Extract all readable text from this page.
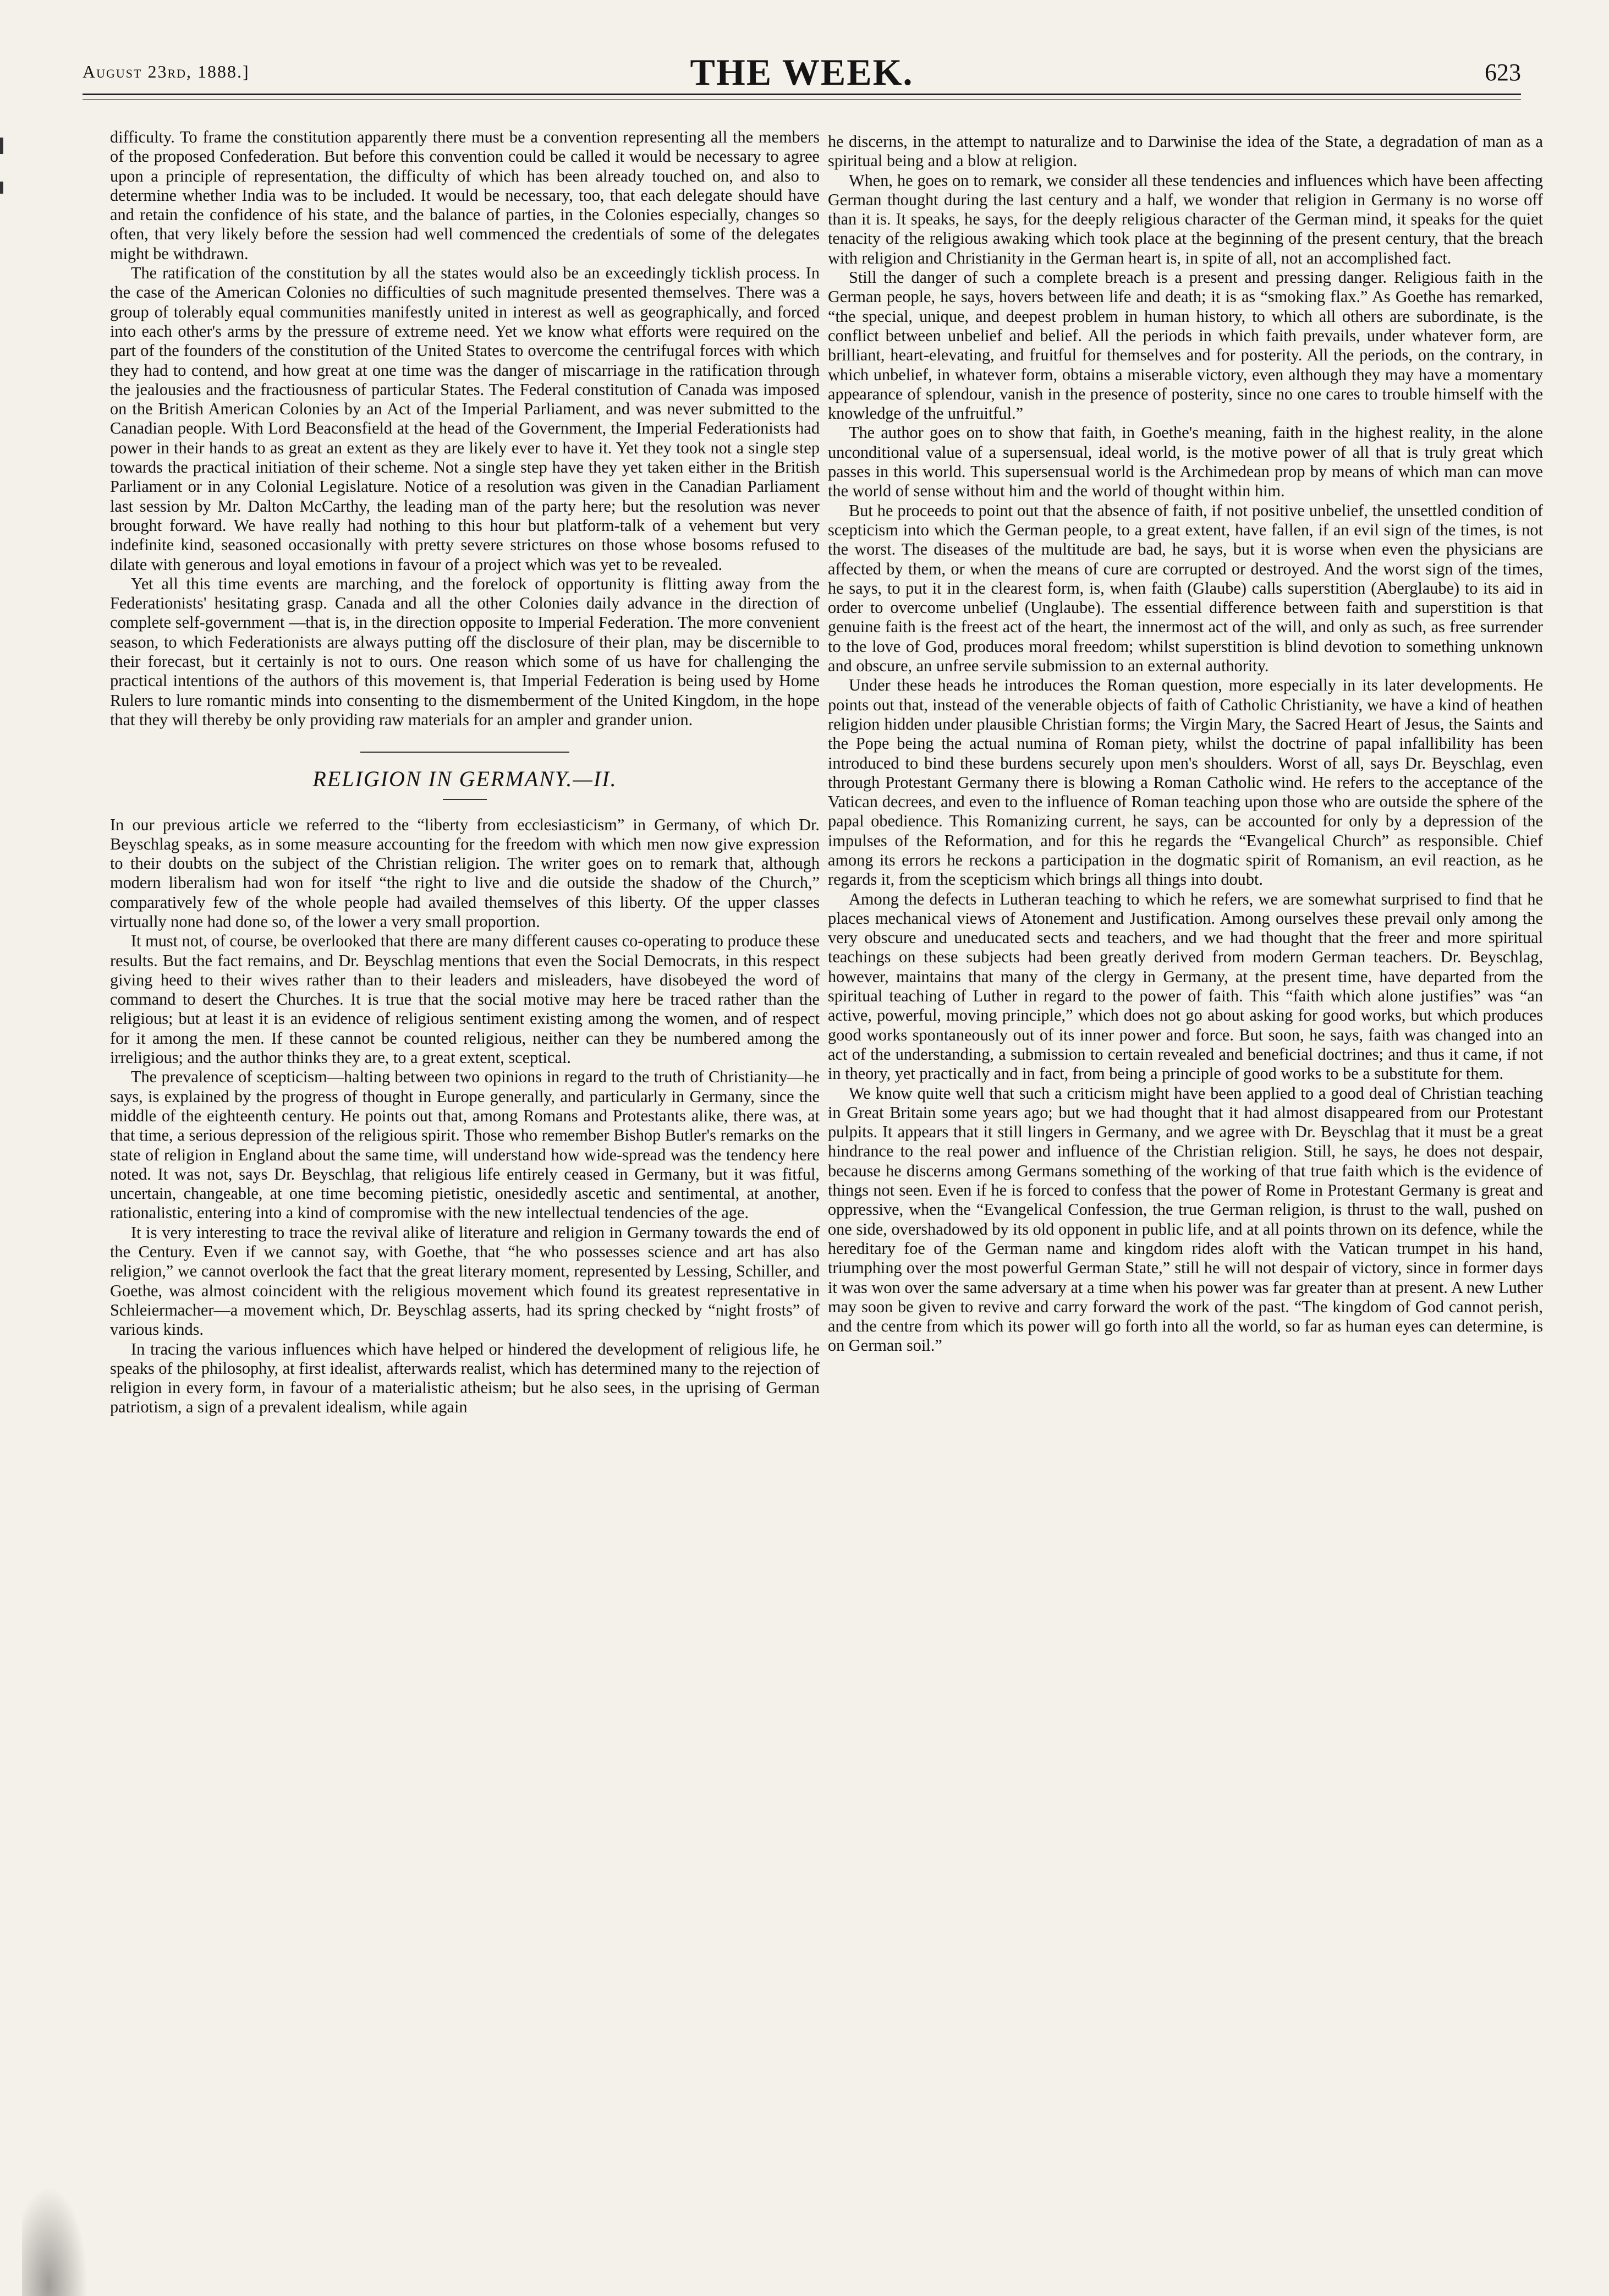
August 23rd, 1888.]	THE WEEK.	623

difficulty. To frame the constitution apparently there must be a convention representing all the members of the proposed Confederation. But before this convention could be called it would be necessary to agree upon a principle of representation, the difficulty of which has been already touched on, and also to determine whether India was to be included. It would be necessary, too, that each delegate should have and retain the confidence of his state, and the balance of parties, in the Colonies especially, changes so often, that very likely before the session had well commenced the credentials of some of the delegates might be withdrawn.

The ratification of the constitution by all the states would also be an exceedingly ticklish process. In the case of the American Colonies no difficulties of such magnitude presented themselves. There was a group of tolerably equal communities manifestly united in interest as well as geographically, and forced into each other's arms by the pressure of extreme need. Yet we know what efforts were required on the part of the founders of the constitution of the United States to overcome the centrifugal forces with which they had to contend, and how great at one time was the danger of miscarriage in the ratification through the jealousies and the fractiousness of particular States. The Federal constitution of Canada was imposed on the British American Colonies by an Act of the Imperial Parliament, and was never submitted to the Canadian people. With Lord Beaconsfield at the head of the Government, the Imperial Federationists had power in their hands to as great an extent as they are likely ever to have it. Yet they took not a single step towards the practical initiation of their scheme. Not a single step have they yet taken either in the British Parliament or in any Colonial Legislature. Notice of a resolution was given in the Canadian Parliament last session by Mr. Dalton McCarthy, the leading man of the party here; but the resolution was never brought forward. We have really had nothing to this hour but platform-talk of a vehement but very indefinite kind, seasoned occasionally with pretty severe strictures on those whose bosoms refused to dilate with generous and loyal emotions in favour of a project which was yet to be revealed.

Yet all this time events are marching, and the forelock of opportunity is flitting away from the Federationists' hesitating grasp. Canada and all the other Colonies daily advance in the direction of complete self-government —that is, in the direction opposite to Imperial Federation. The more convenient season, to which Federationists are always putting off the disclosure of their plan, may be discernible to their forecast, but it certainly is not to ours. One reason which some of us have for challenging the practical intentions of the authors of this movement is, that Imperial Federation is being used by Home Rulers to lure romantic minds into consenting to the dismemberment of the United Kingdom, in the hope that they will thereby be only providing raw materials for an ampler and grander union.

RELIGION IN GERMANY.—II.

In our previous article we referred to the “liberty from ecclesiasticism” in Germany, of which Dr. Beyschlag speaks, as in some measure accounting for the freedom with which men now give expression to their doubts on the subject of the Christian religion. The writer goes on to remark that, although modern liberalism had won for itself “the right to live and die outside the shadow of the Church,” comparatively few of the whole people had availed themselves of this liberty. Of the upper classes virtually none had done so, of the lower a very small proportion.

It must not, of course, be overlooked that there are many different causes co-operating to produce these results. But the fact remains, and Dr. Beyschlag mentions that even the Social Democrats, in this respect giving heed to their wives rather than to their leaders and misleaders, have disobeyed the word of command to desert the Churches. It is true that the social motive may here be traced rather than the religious; but at least it is an evidence of religious sentiment existing among the women, and of respect for it among the men. If these cannot be counted religious, neither can they be numbered among the irreligious; and the author thinks they are, to a great extent, sceptical.

The prevalence of scepticism—halting between two opinions in regard to the truth of Christianity—he says, is explained by the progress of thought in Europe generally, and particularly in Germany, since the middle of the eighteenth century. He points out that, among Romans and Protestants alike, there was, at that time, a serious depression of the religious spirit. Those who remember Bishop Butler's remarks on the state of religion in England about the same time, will understand how wide-spread was the tendency here noted. It was not, says Dr. Beyschlag, that religious life entirely ceased in Germany, but it was fitful, uncertain, changeable, at one time becoming pietistic, onesidedly ascetic and sentimental, at another, rationalistic, entering into a kind of compromise with the new intellectual tendencies of the age.

It is very interesting to trace the revival alike of literature and religion in Germany towards the end of the Century. Even if we cannot say, with Goethe, that “he who possesses science and art has also religion,” we cannot overlook the fact that the great literary moment, represented by Lessing, Schiller, and Goethe, was almost coincident with the religious movement which found its greatest representative in Schleiermacher—a movement which, Dr. Beyschlag asserts, had its spring checked by “night frosts” of various kinds.

In tracing the various influences which have helped or hindered the development of religious life, he speaks of the philosophy, at first idealist, afterwards realist, which has determined many to the rejection of religion in every form, in favour of a materialistic atheism; but he also sees, in the uprising of German patriotism, a sign of a prevalent idealism, while again

he discerns, in the attempt to naturalize and to Darwinise the idea of the State, a degradation of man as a spiritual being and a blow at religion.

When, he goes on to remark, we consider all these tendencies and influences which have been affecting German thought during the last century and a half, we wonder that religion in Germany is no worse off than it is. It speaks, he says, for the deeply religious character of the German mind, it speaks for the quiet tenacity of the religious awaking which took place at the beginning of the present century, that the breach with religion and Christianity in the German heart is, in spite of all, not an accomplished fact.

Still the danger of such a complete breach is a present and pressing danger. Religious faith in the German people, he says, hovers between life and death; it is as “smoking flax.” As Goethe has remarked, “the special, unique, and deepest problem in human history, to which all others are subordinate, is the conflict between unbelief and belief. All the periods in which faith prevails, under whatever form, are brilliant, heart-elevating, and fruitful for themselves and for posterity. All the periods, on the contrary, in which unbelief, in whatever form, obtains a miserable victory, even although they may have a momentary appearance of splendour, vanish in the presence of posterity, since no one cares to trouble himself with the knowledge of the unfruitful.”

The author goes on to show that faith, in Goethe's meaning, faith in the highest reality, in the alone unconditional value of a supersensual, ideal world, is the motive power of all that is truly great which passes in this world. This supersensual world is the Archimedean prop by means of which man can move the world of sense without him and the world of thought within him.

But he proceeds to point out that the absence of faith, if not positive unbelief, the unsettled condition of scepticism into which the German people, to a great extent, have fallen, if an evil sign of the times, is not the worst. The diseases of the multitude are bad, he says, but it is worse when even the physicians are affected by them, or when the means of cure are corrupted or destroyed. And the worst sign of the times, he says, to put it in the clearest form, is, when faith (Glaube) calls superstition (Aberglaube) to its aid in order to overcome unbelief (Unglaube). The essential difference between faith and superstition is that genuine faith is the freest act of the heart, the innermost act of the will, and only as such, as free surrender to the love of God, produces moral freedom; whilst superstition is blind devotion to something unknown and obscure, an unfree servile submission to an external authority.

Under these heads he introduces the Roman question, more especially in its later developments. He points out that, instead of the venerable objects of faith of Catholic Christianity, we have a kind of heathen religion hidden under plausible Christian forms; the Virgin Mary, the Sacred Heart of Jesus, the Saints and the Pope being the actual numina of Roman piety, whilst the doctrine of papal infallibility has been introduced to bind these burdens securely upon men's shoulders. Worst of all, says Dr. Beyschlag, even through Protestant Germany there is blowing a Roman Catholic wind. He refers to the acceptance of the Vatican decrees, and even to the influence of Roman teaching upon those who are outside the sphere of the papal obedience. This Romanizing current, he says, can be accounted for only by a depression of the impulses of the Reformation, and for this he regards the “Evangelical Church” as responsible. Chief among its errors he reckons a participation in the dogmatic spirit of Romanism, an evil reaction, as he regards it, from the scepticism which brings all things into doubt.

Among the defects in Lutheran teaching to which he refers, we are somewhat surprised to find that he places mechanical views of Atonement and Justification. Among ourselves these prevail only among the very obscure and uneducated sects and teachers, and we had thought that the freer and more spiritual teachings on these subjects had been greatly derived from modern German teachers. Dr. Beyschlag, however, maintains that many of the clergy in Germany, at the present time, have departed from the spiritual teaching of Luther in regard to the power of faith. This “faith which alone justifies” was “an active, powerful, moving principle,” which does not go about asking for good works, but which produces good works spontaneously out of its inner power and force. But soon, he says, faith was changed into an act of the understanding, a submission to certain revealed and beneficial doctrines; and thus it came, if not in theory, yet practically and in fact, from being a principle of good works to be a substitute for them.

We know quite well that such a criticism might have been applied to a good deal of Christian teaching in Great Britain some years ago; but we had thought that it had almost disappeared from our Protestant pulpits. It appears that it still lingers in Germany, and we agree with Dr. Beyschlag that it must be a great hindrance to the real power and influence of the Christian religion. Still, he says, he does not despair, because he discerns among Germans something of the working of that true faith which is the evidence of things not seen. Even if he is forced to confess that the power of Rome in Protestant Germany is great and oppressive, when the “Evangelical Confession, the true German religion, is thrust to the wall, pushed on one side, overshadowed by its old opponent in public life, and at all points thrown on its defence, while the hereditary foe of the German name and kingdom rides aloft with the Vatican trumpet in his hand, triumphing over the most powerful German State,” still he will not despair of victory, since in former days it was won over the same adversary at a time when his power was far greater than at present. A new Luther may soon be given to revive and carry forward the work of the past. “The kingdom of God cannot perish, and the centre from which its power will go forth into all the world, so far as human eyes can determine, is on German soil.”
